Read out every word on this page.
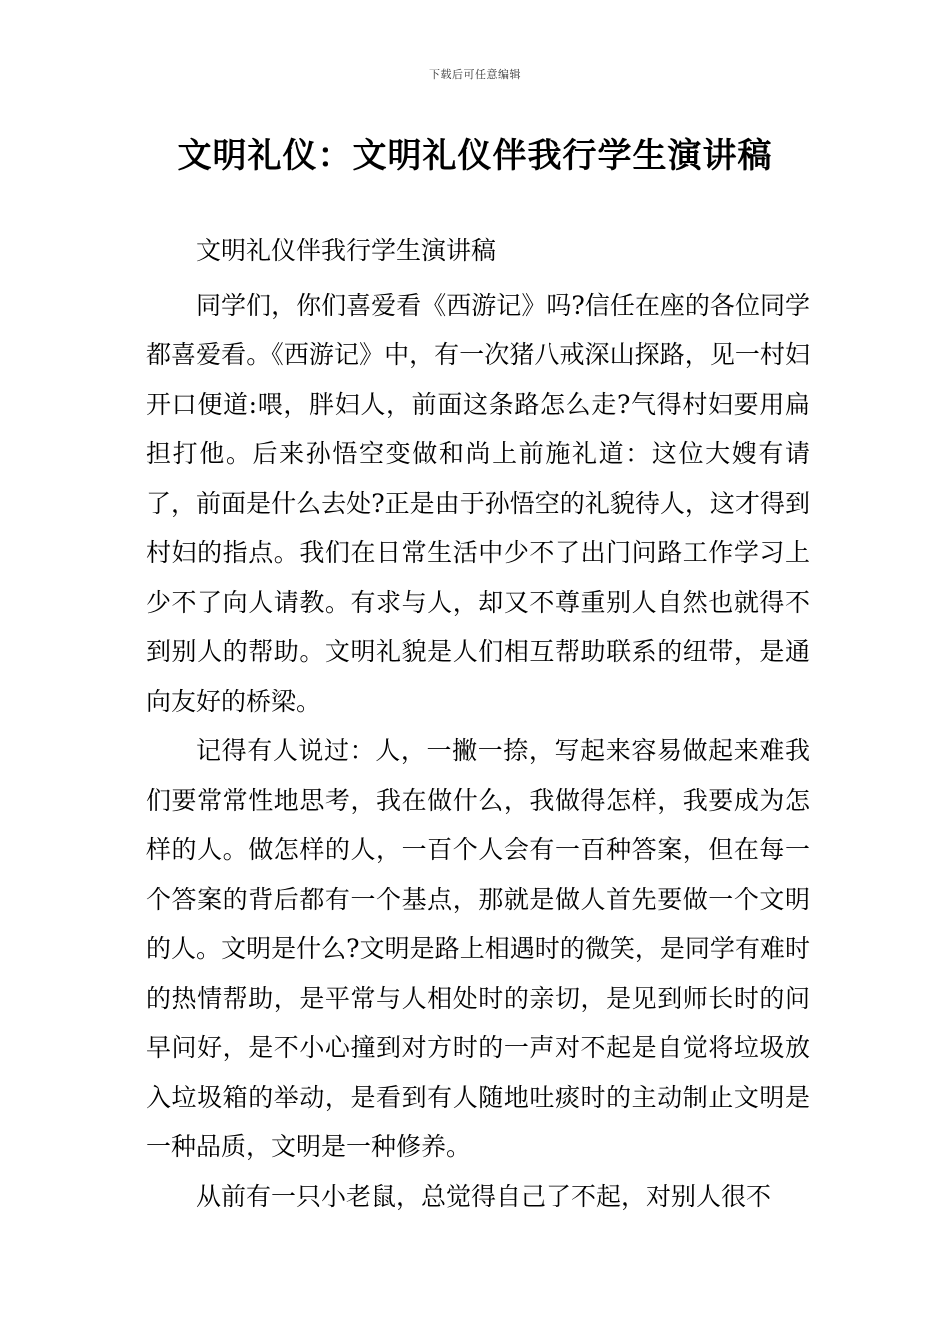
下载后可任意编辑
文明礼仪：文明礼仪伴我行学生演讲稿

文明礼仪伴我行学生演讲稿

同学们，你们喜爱看《西游记》吗?信任在座的各位同学都喜爱看。《西游记》中，有一次猪八戒深山探路，见一村妇开口便道:喂，胖妇人，前面这条路怎么走?气得村妇要用扁担打他。后来孙悟空变做和尚上前施礼道：这位大嫂有请了，前面是什么去处?正是由于孙悟空的礼貌待人，这才得到村妇的指点。我们在日常生活中少不了出门问路工作学习上少不了向人请教。有求与人，却又不尊重别人自然也就得不到别人的帮助。文明礼貌是人们相互帮助联系的纽带，是通向友好的桥梁。

记得有人说过：人，一撇一捺，写起来容易做起来难我们要常常性地思考，我在做什么，我做得怎样，我要成为怎样的人。做怎样的人，一百个人会有一百种答案，但在每一个答案的背后都有一个基点，那就是做人首先要做一个文明的人。文明是什么?文明是路上相遇时的微笑，是同学有难时的热情帮助，是平常与人相处时的亲切，是见到师长时的问早问好，是不小心撞到对方时的一声对不起是自觉将垃圾放入垃圾箱的举动，是看到有人随地吐痰时的主动制止文明是一种品质，文明是一种修养。

从前有一只小老鼠，总觉得自己了不起，对别人很不
